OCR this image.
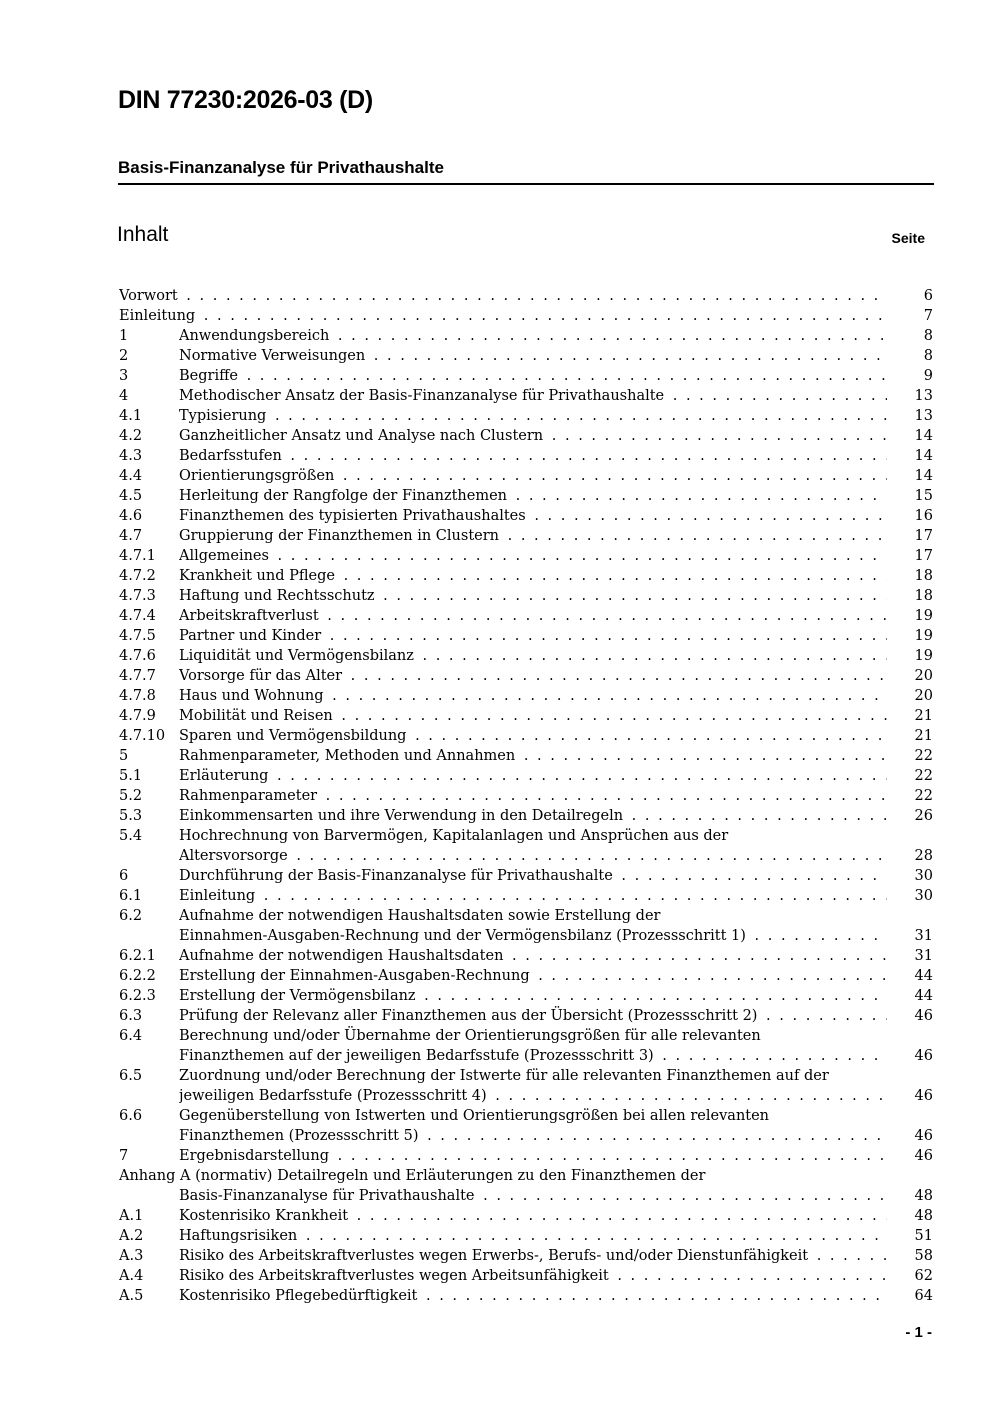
DIN 77230:2026-03 (D)
Basis-Finanzanalyse für Privathaushalte
Inhalt	Seite
Vorwort . . .	6
Einleitung . . .	7
1	Anwendungsbereich . . .	8
2	Normative Verweisungen . . .	8
3	Begriffe . . .	9
4	Methodischer Ansatz der Basis-Finanzanalyse für Privathaushalte . . .	13
4.1	Typisierung . . .	13
4.2	Ganzheitlicher Ansatz und Analyse nach Clustern . . .	14
4.3	Bedarfsstufen . . .	14
4.4	Orientierungsgrößen . . .	14
4.5	Herleitung der Rangfolge der Finanzthemen . . .	15
4.6	Finanzthemen des typisierten Privathaushaltes . . .	16
4.7	Gruppierung der Finanzthemen in Clustern . . .	17
4.7.1	Allgemeines . . .	17
4.7.2	Krankheit und Pflege . . .	18
4.7.3	Haftung und Rechtsschutz . . .	18
4.7.4	Arbeitskraftverlust . . .	19
4.7.5	Partner und Kinder . . .	19
4.7.6	Liquidität und Vermögensbilanz . . .	19
4.7.7	Vorsorge für das Alter . . .	20
4.7.8	Haus und Wohnung . . .	20
4.7.9	Mobilität und Reisen . . .	21
4.7.10 Sparen und Vermögensbildung . . .	21
5	Rahmenparameter, Methoden und Annahmen . . .	22
5.1	Erläuterung . . .	22
5.2	Rahmenparameter . . .	22
5.3	Einkommensarten und ihre Verwendung in den Detailregeln . . .	26
5.4	Hochrechnung von Barvermögen, Kapitalanlagen und Ansprüchen aus der
Altersvorsorge . . .	28
6	Durchführung der Basis-Finanzanalyse für Privathaushalte . . .	30
6.1	Einleitung . . .	30
6.2	Aufnahme der notwendigen Haushaltsdaten sowie Erstellung der
Einnahmen-Ausgaben-Rechnung und der Vermögensbilanz (Prozessschritt 1) . . .	31
6.2.1	Aufnahme der notwendigen Haushaltsdaten . . .	31
6.2.2	Erstellung der Einnahmen-Ausgaben-Rechnung . . .	44
6.2.3	Erstellung der Vermögensbilanz . . .	44
6.3	Prüfung der Relevanz aller Finanzthemen aus der Übersicht (Prozessschritt 2) . . .	46
6.4	Berechnung und/oder Übernahme der Orientierungsgrößen für alle relevanten
Finanzthemen auf der jeweiligen Bedarfsstufe (Prozessschritt 3) . . .	46
6.5	Zuordnung und/oder Berechnung der Istwerte für alle relevanten Finanzthemen auf der
jeweiligen Bedarfsstufe (Prozessschritt 4) . . .	46
6.6	Gegenüberstellung von Istwerten und Orientierungsgrößen bei allen relevanten
Finanzthemen (Prozessschritt 5) . . .	46
7	Ergebnisdarstellung . . .	46
Anhang A (normativ) Detailregeln und Erläuterungen zu den Finanzthemen der
Basis-Finanzanalyse für Privathaushalte . . .	48
A.1	Kostenrisiko Krankheit . . .	48
A.2	Haftungsrisiken . . .	51
A.3	Risiko des Arbeitskraftverlustes wegen Erwerbs-, Berufs- und/oder Dienstunfähigkeit . . .	58
A.4	Risiko des Arbeitskraftverlustes wegen Arbeitsunfähigkeit . . .	62
A.5	Kostenrisiko Pflegebedürftigkeit . . .	64
- 1 -
